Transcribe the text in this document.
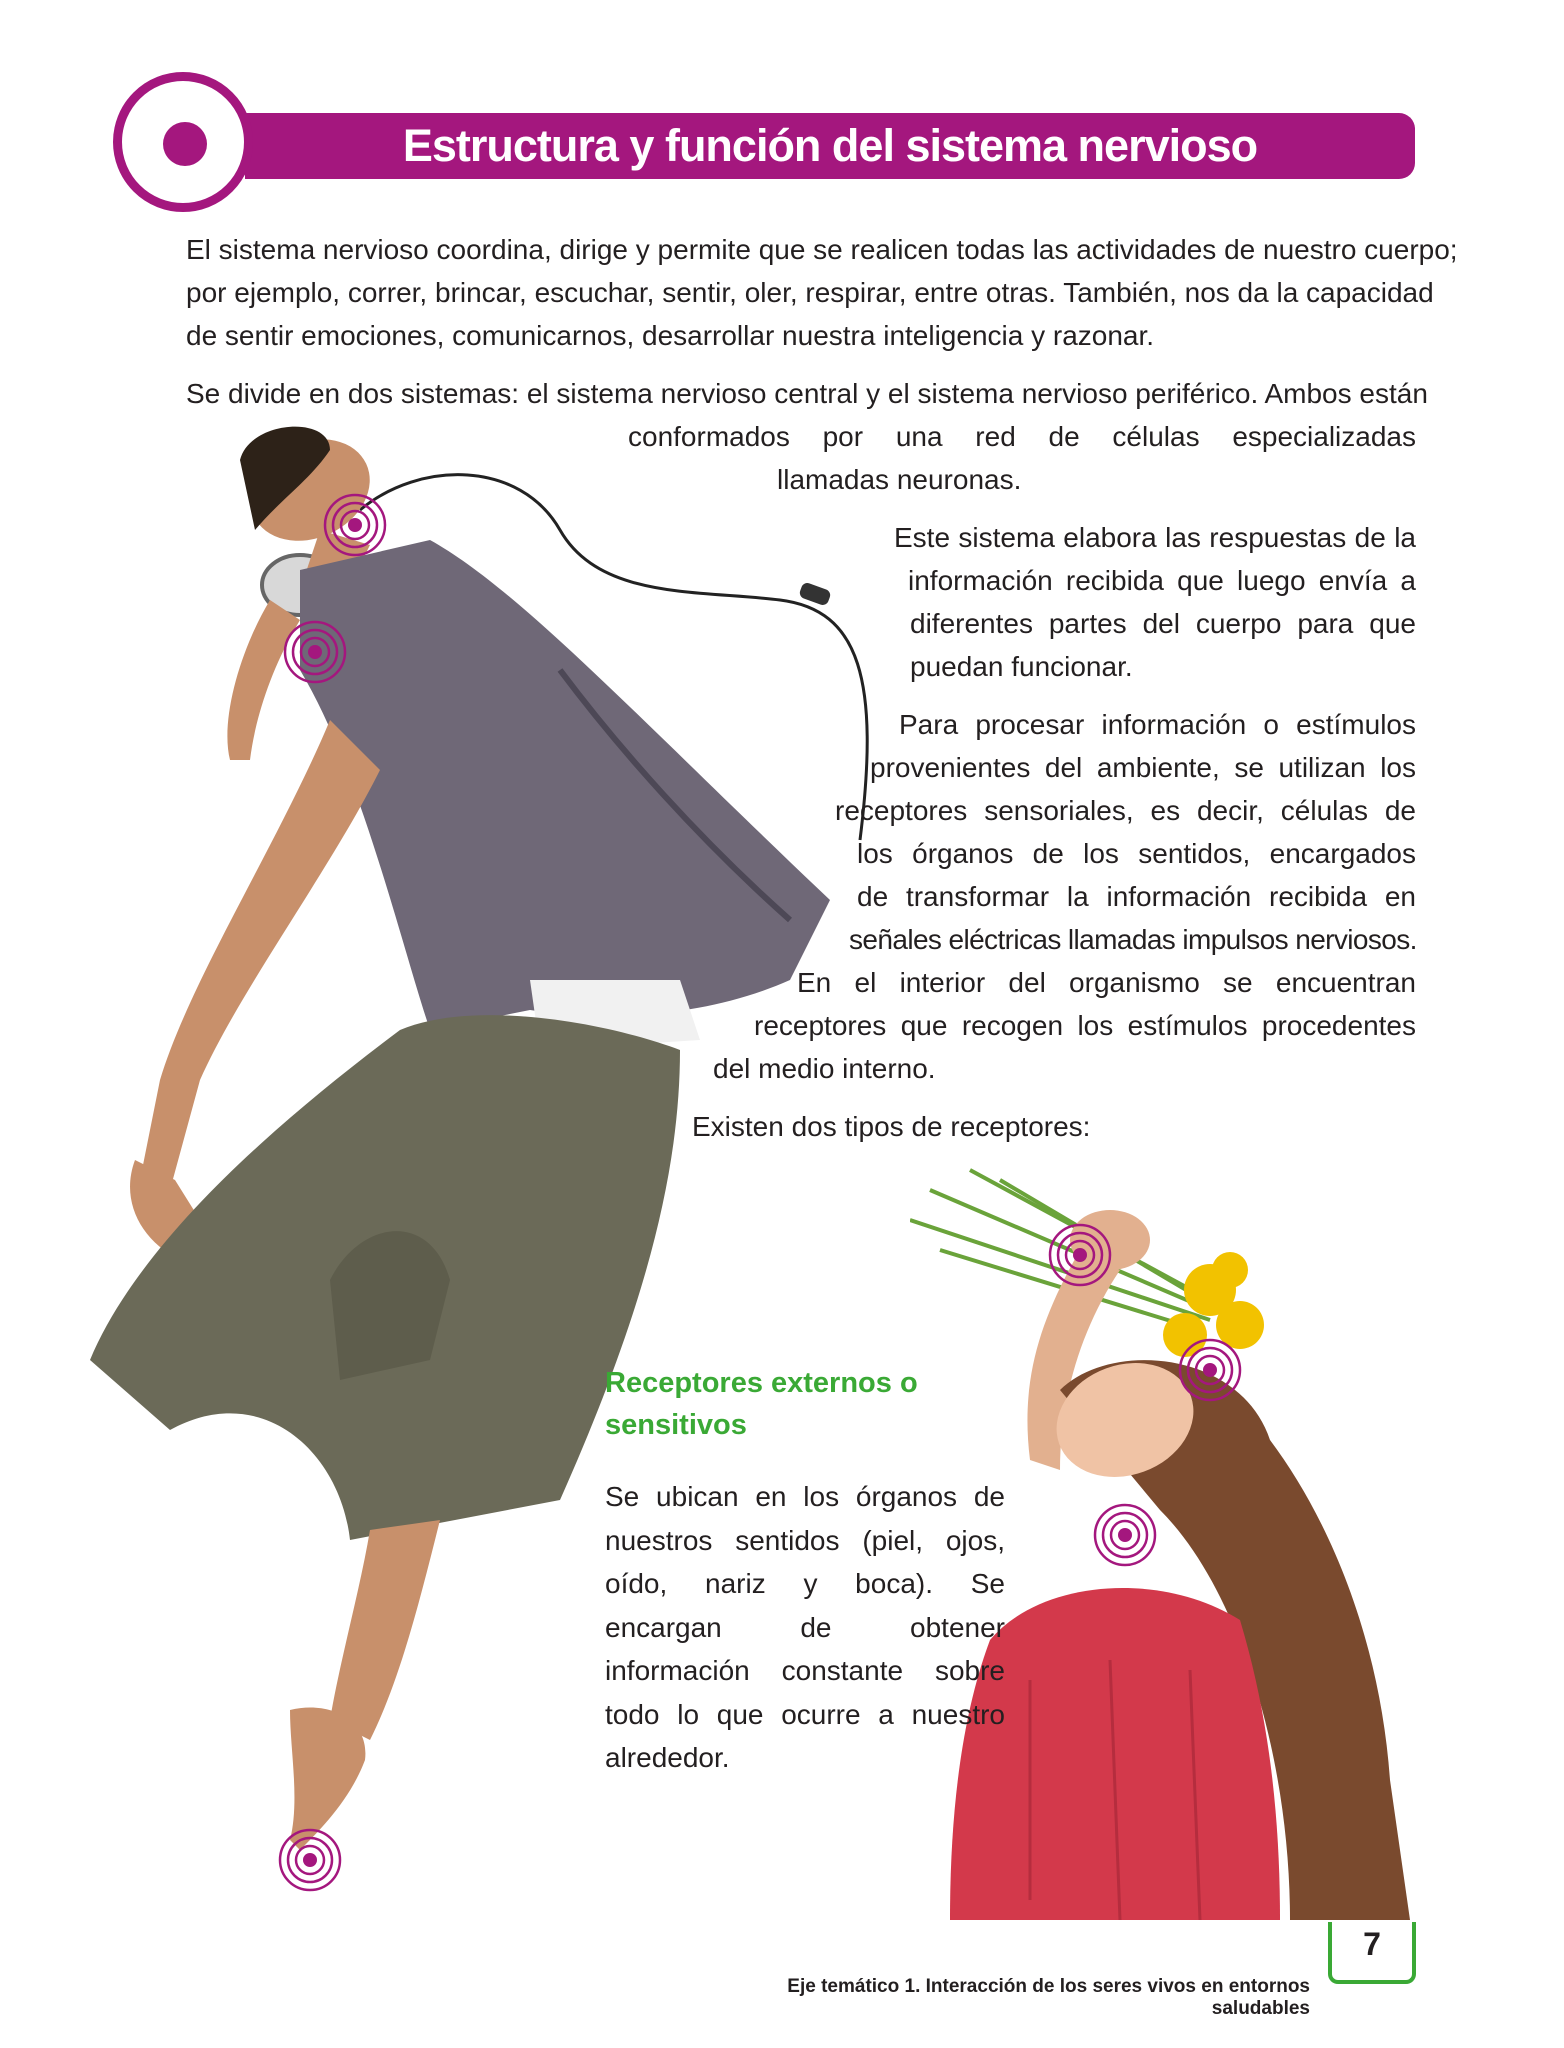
Estructura y función del sistema nervioso
El sistema nervioso coordina, dirige y permite que se realicen todas las actividades de nuestro cuerpo;
por ejemplo, correr, brincar, escuchar, sentir, oler, respirar, entre otras. También, nos da la capacidad
de sentir emociones, comunicarnos, desarrollar nuestra inteligencia y razonar.
Se divide en dos sistemas: el sistema nervioso central y el sistema nervioso periférico. Ambos están
conformados por una red de células especializadas
llamadas neuronas.
Este sistema elabora las respuestas de la
información recibida que luego envía a
diferentes partes del cuerpo para que
puedan funcionar.
Para procesar información o estímulos
provenientes del ambiente, se utilizan los
receptores sensoriales, es decir, células de
los órganos de los sentidos, encargados
de transformar la información recibida en
señales eléctricas llamadas impulsos nerviosos.
En el interior del organismo se encuentran
receptores que recogen los estímulos procedentes
del medio interno.
Existen dos tipos de receptores:
Receptores externos o sensitivos
Se ubican en los órganos de nuestros sentidos (piel, ojos, oído, nariz y boca). Se encargan de obtener información constante sobre todo lo que ocurre a nuestro alrededor.
Eje temático 1. Interacción de los seres vivos en entornos saludables
7
